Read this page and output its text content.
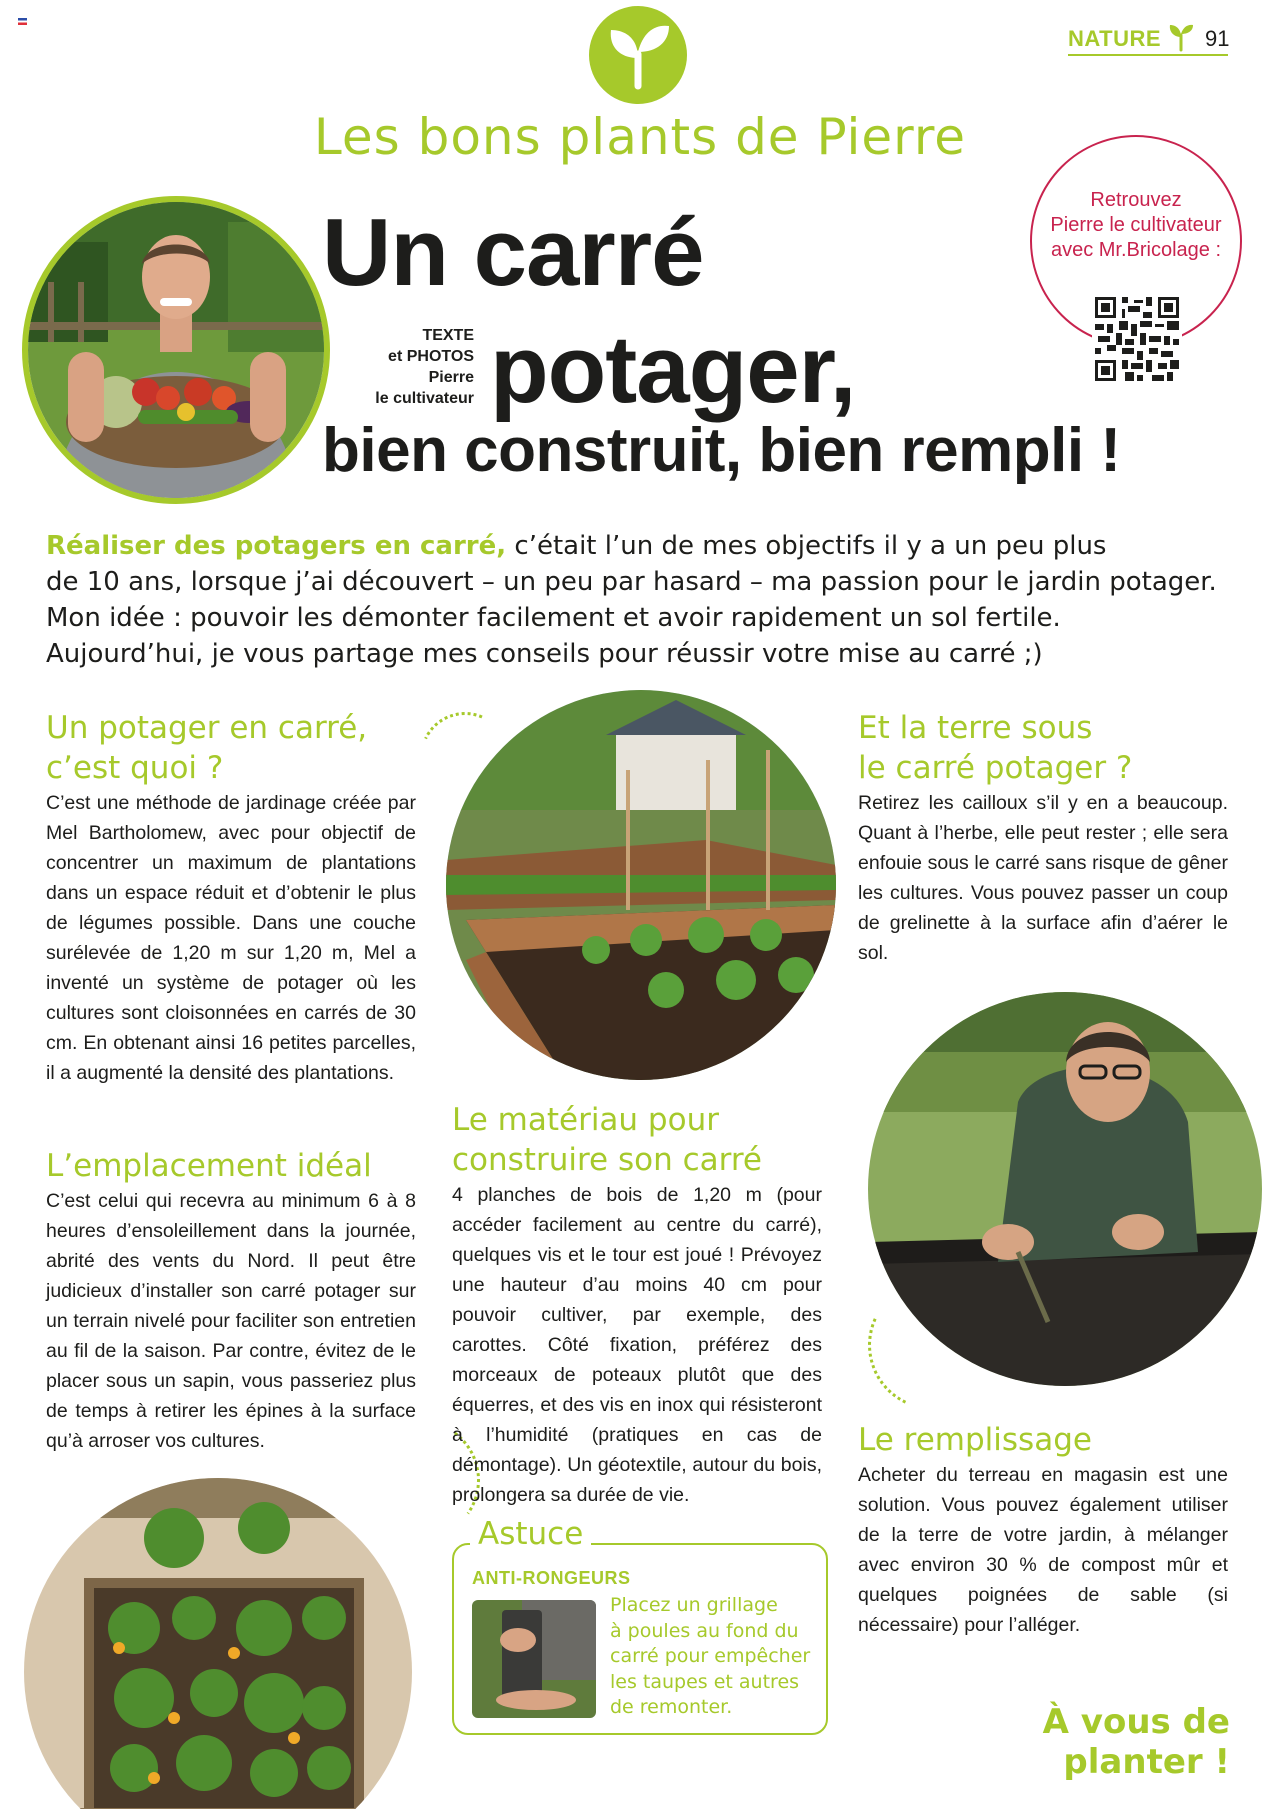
NATURE 91
Les bons plants de Pierre
Un carré
TEXTE
et PHOTOS
Pierre
le cultivateur potager,
bien construit, bien rempli !
Retrouvez
Pierre le cultivateur
avec Mr.Bricolage :
Réaliser des potagers en carré, c’était l’un de mes objectifs il y a un peu plus
de 10 ans, lorsque j’ai découvert – un peu par hasard – ma passion pour le jardin potager.
Mon idée : pouvoir les démonter facilement et avoir rapidement un sol fertile.
Aujourd’hui, je vous partage mes conseils pour réussir votre mise au carré ;)
Un potager en carré,
c’est quoi ?
C’est une méthode de jardinage créée par Mel Bartholomew, avec pour objectif de concentrer un maximum de plantations dans un espace réduit et d’obtenir le plus de légumes possible. Dans une couche surélevée de 1,20 m sur 1,20 m, Mel a inventé un système de potager où les cultures sont cloisonnées en carrés de 30 cm. En obtenant ainsi 16 petites parcelles, il a augmenté la densité des plantations.
L’emplacement idéal
C’est celui qui recevra au minimum 6 à 8 heures d’ensoleillement dans la journée, abrité des vents du Nord. Il peut être judicieux d’installer son carré potager sur un terrain nivelé pour faciliter son entretien au fil de la saison. Par contre, évitez de le placer sous un sapin, vous passeriez plus de temps à retirer les épines à la surface qu’à arroser vos cultures.
Le matériau pour
construire son carré
4 planches de bois de 1,20 m (pour accéder facilement au centre du carré), quelques vis et le tour est joué ! Prévoyez une hauteur d’au moins 40 cm pour pouvoir cultiver, par exemple, des carottes. Côté fixation, préférez des morceaux de poteaux plutôt que des équerres, et des vis en inox qui résisteront à l’humidité (pratiques en cas de démontage). Un géotextile, autour du bois, prolongera sa durée de vie.
Astuce
ANTI-RONGEURS
Placez un grillage
à poules au fond du
carré pour empêcher
les taupes et autres
de remonter.
Et la terre sous
le carré potager ?
Retirez les cailloux s’il y en a beaucoup. Quant à l’herbe, elle peut rester ; elle sera enfouie sous le carré sans risque de gêner les cultures. Vous pouvez passer un coup de grelinette à la surface afin d’aérer le sol.
Le remplissage
Acheter du terreau en magasin est une solution. Vous pouvez également utiliser de la terre de votre jardin, à mélanger avec environ 30 % de compost mûr et quelques poignées de sable (si nécessaire) pour l’alléger.
À vous de planter !
